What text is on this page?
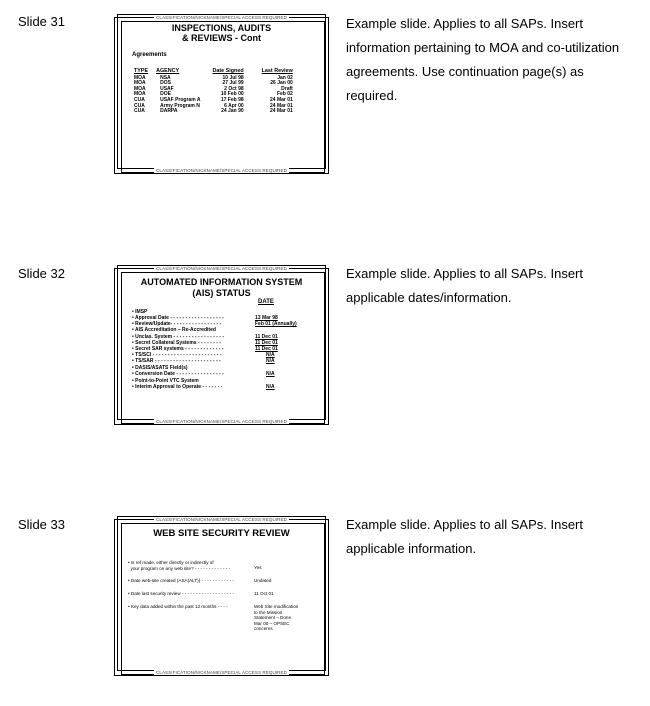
Slide 31	CLASSIFICATION/NICKNAME/SPECIAL ACCESS REQUIRED
INSPECTIONS, AUDITS
& REVIEWS - Cont
Agreements
TYPE	AGENCY	Date Signed	Last Review
MOA	NSA	10 Jul 98	Jan 02
MOA	DOS	27 Jul 99	26 Jan 00
MOA	USAF	2 Oct 98	Draft
MOA	DOE	10 Feb 00	Feb 02
CUA	USAF Program A	17 Feb 98	24 Mar 01
CUA	Army Program N	6 Apr 00	24 Mar 01
CUA	DARPA	24 Jan 90	24 Mar 01
CLASSIFICATION/NICKNAME/SPECIAL ACCESS REQUIRED
Example slide. Applies to all SAPs. Insert
information pertaining to MOA and co-utilization
agreements. Use continuation page(s) as
required.
Slide 32	CLASSIFICATION/NICKNAME/SPECIAL ACCESS REQUIRED
AUTOMATED INFORMATION SYSTEM
(AIS) STATUS
DATE
• IMSP
• Approval Date - - - - - - - - - - - - - - - - - -	13 Mar 98
• Review/Update- - - - - - - - - - - - - - - - -	Feb 01 (Annually)
• AIS Accreditation – Re-Accredited
• Unclas. System - - - - - - - - - - - - - - - - -	11 Dec 01
• Secret Collateral Systems - - - - - - - -	11 Dec 01
• Secret SAR systems - - - - - - - - - - - - -	11 Dec 01
• TS/SCI - - - - - - - - - - - - - - - - - - - - - - -	N/A
• TS/SAR - - - - - - - - - - - - - - - - - - - - - -	N/A
• DASIS/ASATS Field(s)
• Conversion Date - - - - - - - - - - - - - - - -	N/A
• Point-to-Point VTC System
• Interim Approval to Operate - - - - - - -	N/A
CLASSIFICATION/NICKNAME/SPECIAL ACCESS REQUIRED
Example slide. Applies to all SAPs. Insert
applicable dates/information.
Slide 33	CLASSIFICATION/NICKNAME/SPECIAL ACCESS REQUIRED
WEB SITE SECURITY REVIEW
• Is ref made, either directly or indirectly of
your program on any web site? - - - - - - - - - - - - -	Yes
• Date web-site created (ASA(ALT)) - - - - - - - - - - - -	Undated
• Date last security review - - - - - - - - - - - - - - - - - - -	11 Oct 01
• Key data added within the past 12 months - - - -	Web Site modification
to the Mission
Statement – Done
Mar 00 – OPSEC
concerns
CLASSIFICATION/NICKNAME/SPECIAL ACCESS REQUIRED
Example slide. Applies to all SAPs. Insert
applicable information.
